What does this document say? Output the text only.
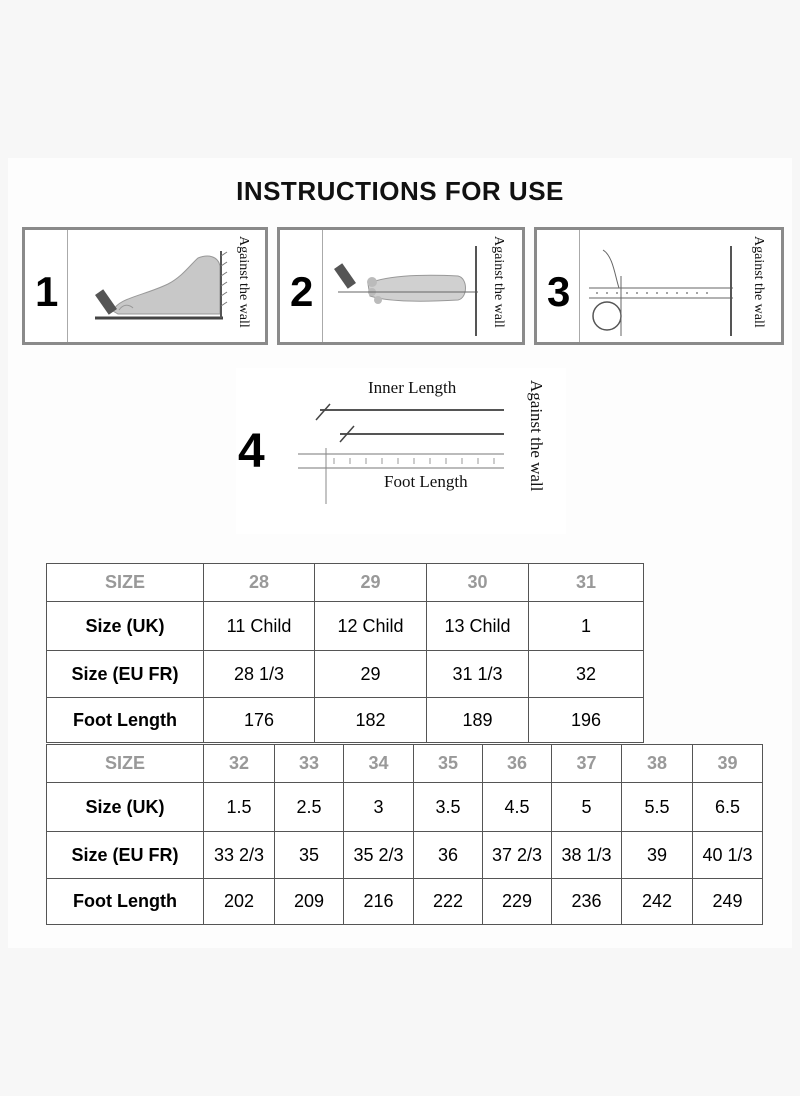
INSTRUCTIONS FOR USE
1	Against the wall 2	Against the wall 3	Against the wall
4
Inner Length
Foot Length	Against the wall
SIZE	28	29	30	31
Size (UK)	11 Child	12 Child	13 Child	1
Size (EU FR)	28 1/3	29	31 1/3	32
Foot Length	176	182	189	196
SIZE	32	33	34	35	36	37	38	39
Size (UK)	1.5	2.5	3	3.5	4.5	5	5.5	6.5
Size (EU FR)	33 2/3	35	35 2/3	36	37 2/3	38 1/3	39	40 1/3
Foot Length	202	209	216	222	229	236	242	249
